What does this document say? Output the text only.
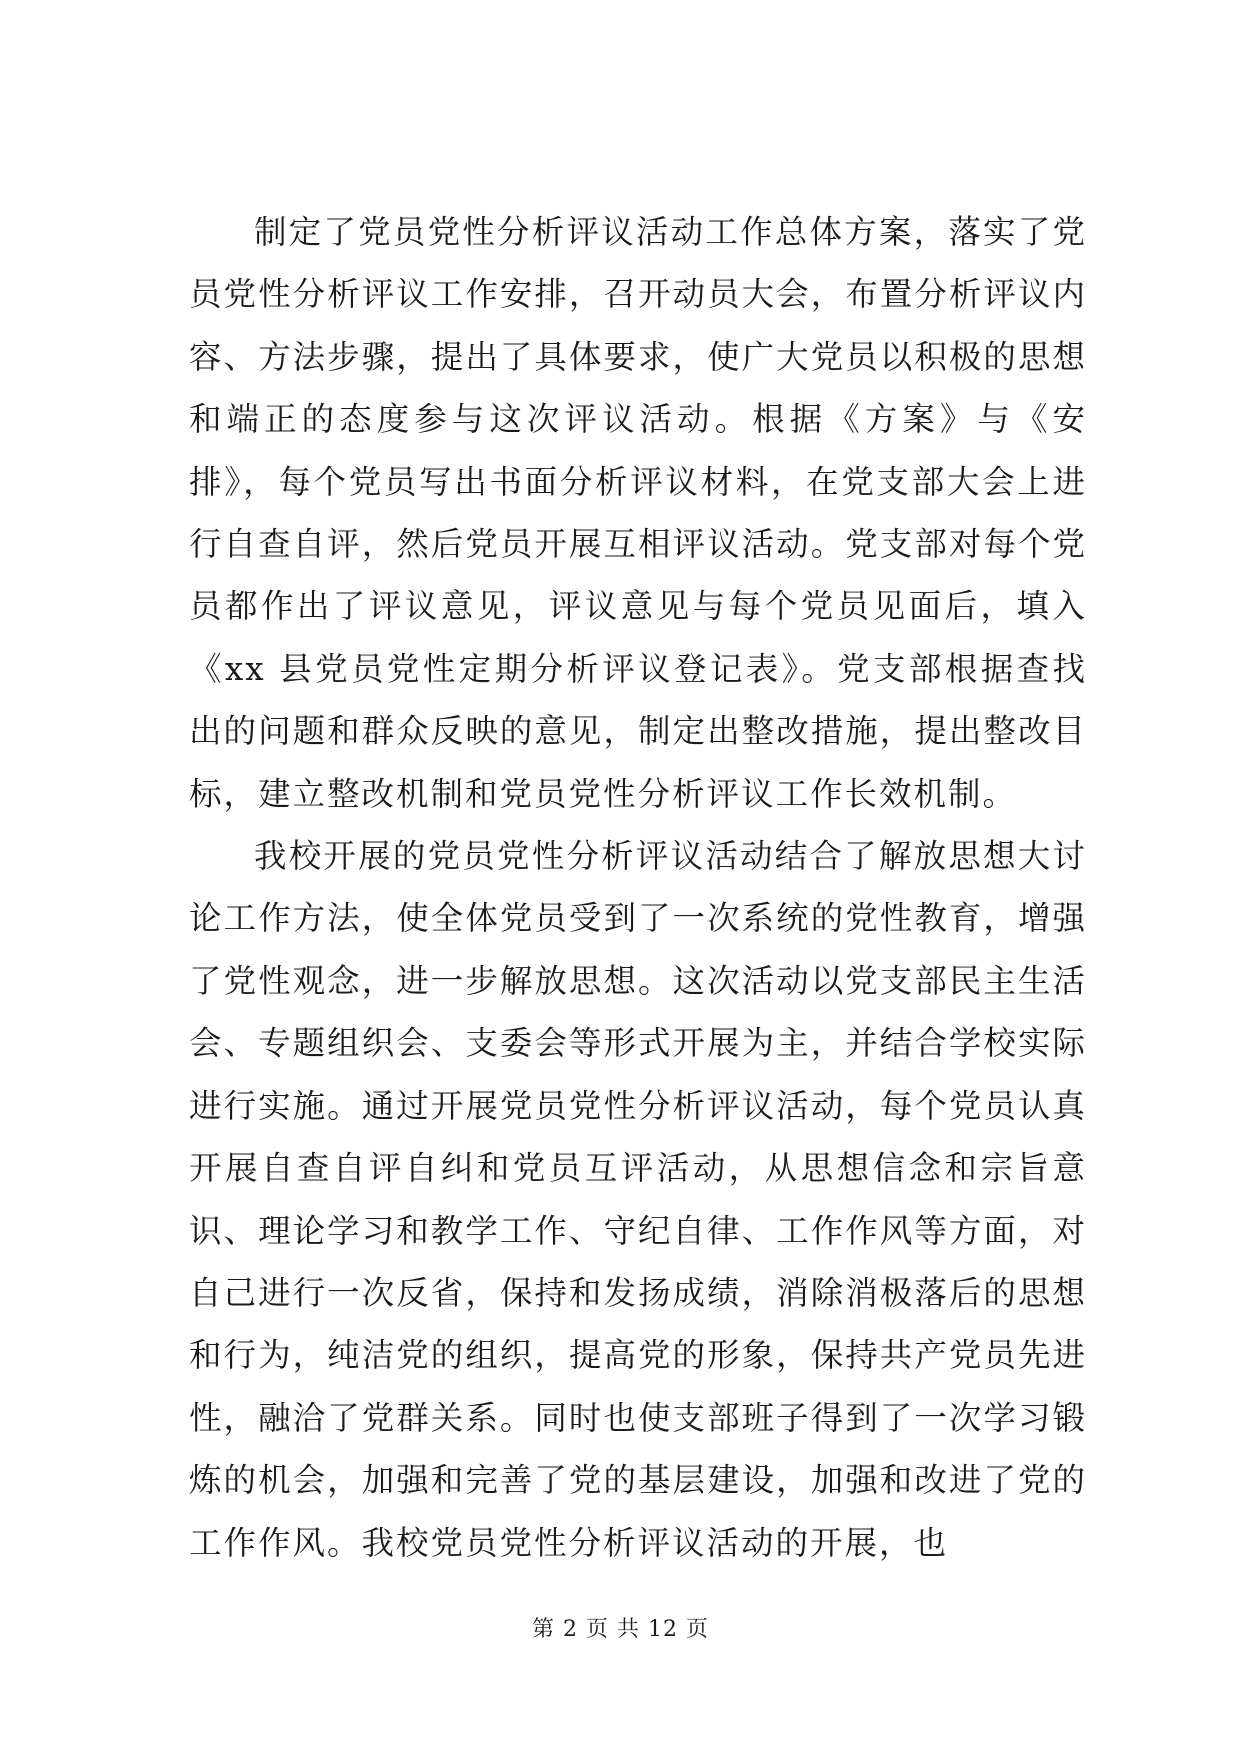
制定了党员党性分析评议活动工作总体方案，落实了党员党性分析评议工作安排，召开动员大会，布置分析评议内容、方法步骤，提出了具体要求，使广大党员以积极的思想和端正的态度参与这次评议活动。根据《方案》与《安排》，每个党员写出书面分析评议材料，在党支部大会上进行自查自评，然后党员开展互相评议活动。党支部对每个党员都作出了评议意见，评议意见与每个党员见面后，填入《xx 县党员党性定期分析评议登记表》。党支部根据查找出的问题和群众反映的意见，制定出整改措施，提出整改目标，建立整改机制和党员党性分析评议工作长效机制。

我校开展的党员党性分析评议活动结合了解放思想大讨论工作方法，使全体党员受到了一次系统的党性教育，增强了党性观念，进一步解放思想。这次活动以党支部民主生活会、专题组织会、支委会等形式开展为主，并结合学校实际进行实施。通过开展党员党性分析评议活动，每个党员认真开展自查自评自纠和党员互评活动，从思想信念和宗旨意识、理论学习和教学工作、守纪自律、工作作风等方面，对自己进行一次反省，保持和发扬成绩，消除消极落后的思想和行为，纯洁党的组织，提高党的形象，保持共产党员先进性，融洽了党群关系。同时也使支部班子得到了一次学习锻炼的机会，加强和完善了党的基层建设，加强和改进了党的工作作风。我校党员党性分析评议活动的开展，也

第 2 页 共 12 页
